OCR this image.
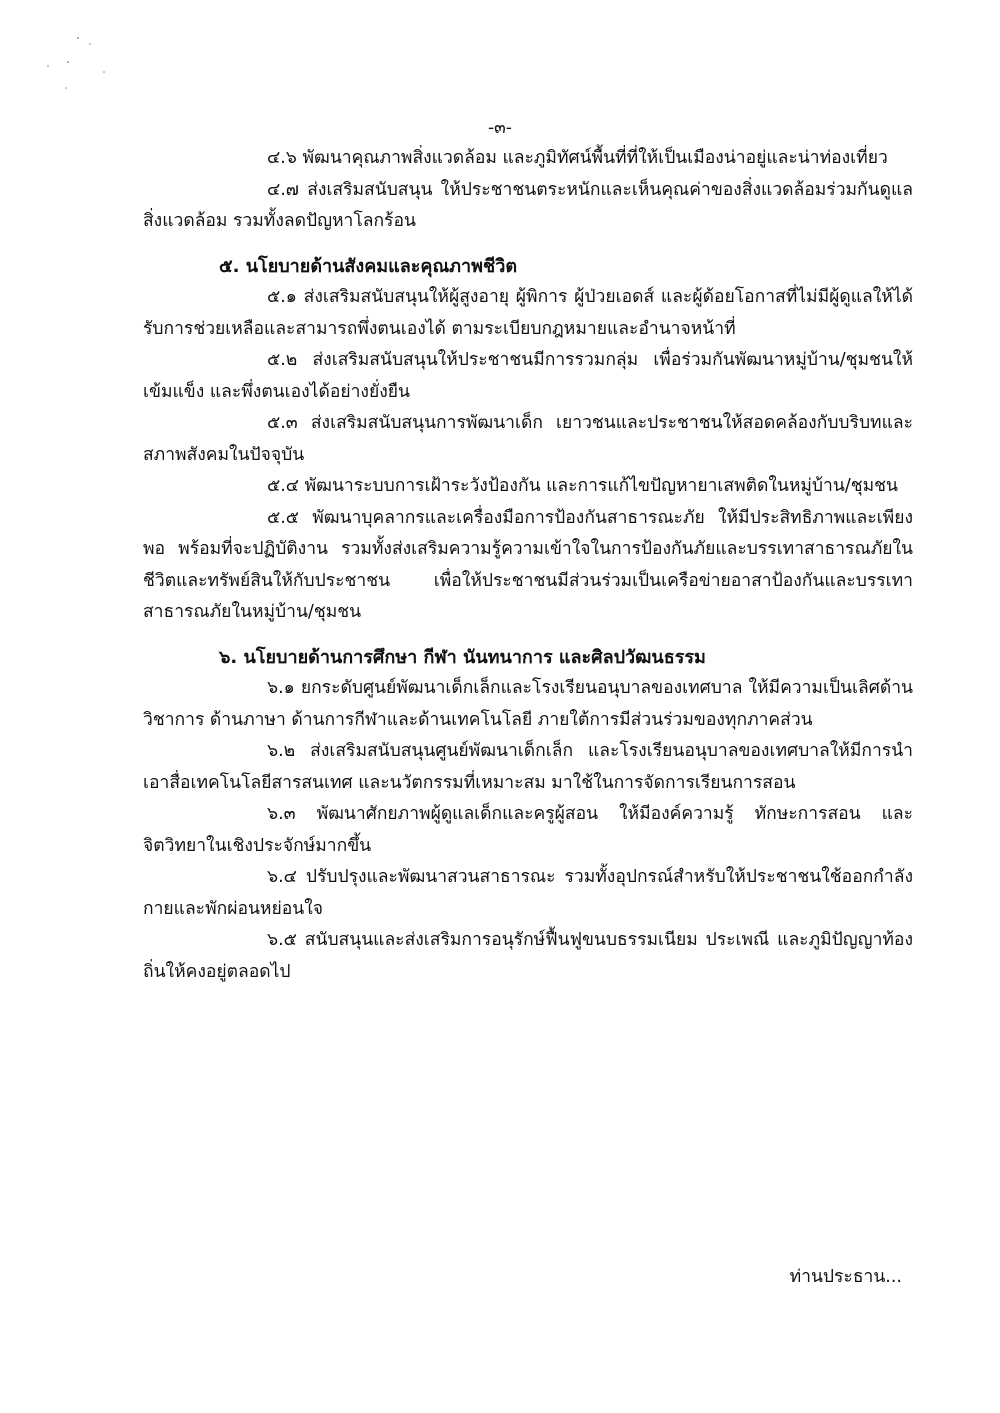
-๓-

๔.๖ พัฒนาคุณภาพสิ่งแวดล้อม และภูมิทัศน์พื้นที่ที่ให้เป็นเมืองน่าอยู่และน่าท่องเที่ยว

๔.๗ ส่งเสริมสนับสนุน ให้ประชาชนตระหนักและเห็นคุณค่าของสิ่งแวดล้อมร่วมกันดูแลสิ่งแวดล้อม รวมทั้งลดปัญหาโลกร้อน

๕. นโยบายด้านสังคมและคุณภาพชีวิต

๕.๑ ส่งเสริมสนับสนุนให้ผู้สูงอายุ ผู้พิการ ผู้ป่วยเอดส์ และผู้ด้อยโอกาสที่ไม่มีผู้ดูแลให้ได้รับการช่วยเหลือและสามารถพึ่งตนเองได้ ตามระเบียบกฎหมายและอำนาจหน้าที่

๕.๒ ส่งเสริมสนับสนุนให้ประชาชนมีการรวมกลุ่ม เพื่อร่วมกันพัฒนาหมู่บ้าน/ชุมชนให้เข้มแข็ง และพึ่งตนเองได้อย่างยั่งยืน

๕.๓ ส่งเสริมสนับสนุนการพัฒนาเด็ก เยาวชนและประชาชนให้สอดคล้องกับบริบทและสภาพสังคมในปัจจุบัน

๕.๔ พัฒนาระบบการเฝ้าระวังป้องกัน และการแก้ไขปัญหายาเสพติดในหมู่บ้าน/ชุมชน

๕.๕ พัฒนาบุคลากรและเครื่องมือการป้องกันสาธารณะภัย ให้มีประสิทธิภาพและเพียงพอ พร้อมที่จะปฏิบัติงาน รวมทั้งส่งเสริมความรู้ความเข้าใจในการป้องกันภัยและบรรเทาสาธารณภัยในชีวิตและทรัพย์สินให้กับประชาชน เพื่อให้ประชาชนมีส่วนร่วมเป็นเครือข่ายอาสาป้องกันและบรรเทาสาธารณภัยในหมู่บ้าน/ชุมชน

๖. นโยบายด้านการศึกษา กีฬา นันทนาการ และศิลปวัฒนธรรม

๖.๑ ยกระดับศูนย์พัฒนาเด็กเล็กและโรงเรียนอนุบาลของเทศบาล ให้มีความเป็นเลิศด้านวิชาการ ด้านภาษา ด้านการกีฬาและด้านเทคโนโลยี ภายใต้การมีส่วนร่วมของทุกภาคส่วน

๖.๒ ส่งเสริมสนับสนุนศูนย์พัฒนาเด็กเล็ก และโรงเรียนอนุบาลของเทศบาลให้มีการนำเอาสื่อเทคโนโลยีสารสนเทศ และนวัตกรรมที่เหมาะสม มาใช้ในการจัดการเรียนการสอน

๖.๓ พัฒนาศักยภาพผู้ดูแลเด็กและครูผู้สอน ให้มีองค์ความรู้ ทักษะการสอน และจิตวิทยาในเชิงประจักษ์มากขึ้น

๖.๔ ปรับปรุงและพัฒนาสวนสาธารณะ รวมทั้งอุปกรณ์สำหรับให้ประชาชนใช้ออกกำลังกายและพักผ่อนหย่อนใจ

๖.๕ สนับสนุนและส่งเสริมการอนุรักษ์ฟื้นฟูขนบธรรมเนียม ประเพณี และภูมิปัญญาท้องถิ่นให้คงอยู่ตลอดไป

ท่านประธาน...
